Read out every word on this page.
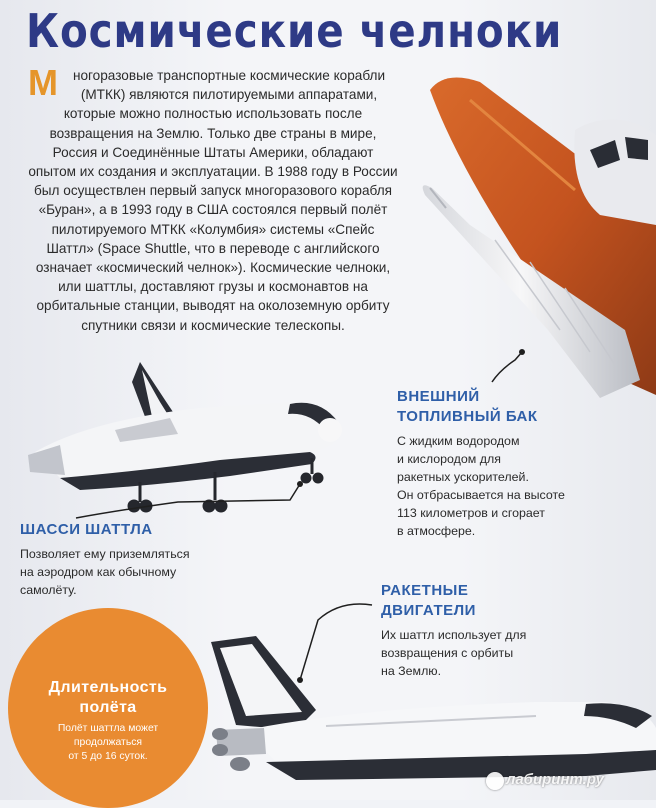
Космические челноки
М ногоразовые транспортные космические корабли (МТКК) являются пилотируемыми аппаратами, которые можно полностью использовать после возвращения на Землю. Только две страны в мире, Россия и Соединённые Штаты Америки, обладают опытом их создания и эксплуатации. В 1988 году в России был осуществлен первый запуск многоразового корабля «Буран», а в 1993 году в США состоялся первый полёт пилотируемого МТКК «Колумбия» системы «Спейс Шаттл» (Space Shuttle, что в переводе с английского означает «космический челнок»). Космические челноки, или шаттлы, доставляют грузы и космонавтов на орбитальные станции, выводят на околоземную орбиту спутники связи и космические телескопы.
ВНЕШНИЙ
ТОПЛИВНЫЙ БАК
С жидким водородом
и кислородом для
ракетных ускорителей.
Он отбрасывается на высоте
113 километров и сгорает
в атмосфере.
ШАССИ ШАТТЛА
Позволяет ему приземляться
на аэродром как обычному
самолёту.	РАКЕТНЫЕ
ДВИГАТЕЛИ
Их шаттл использует для
возвращения с орбиты
на Землю.
Длительность
полёта
Полёт шаттла может
продолжаться
от 5 до 16 суток.
лабиринт.ру
